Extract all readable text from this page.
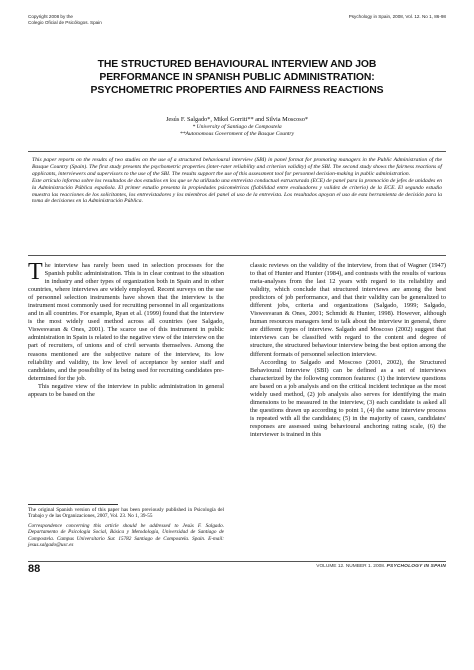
Copyright 2008 by the
Colegio Oficial de Psicólogos. Spain
Psychology in Spain, 2008, Vol. 12. No 1, 86-98
THE STRUCTURED BEHAVIOURAL INTERVIEW AND JOB
PERFORMANCE IN SPANISH PUBLIC ADMINISTRATION:
PSYCHOMETRIC PROPERTIES AND FAIRNESS REACTIONS
Jesús F. Salgado*, Mikel Gorriti** and Silvia Moscoso*
* University of Santiago de Compostela
**Autonomous Government of the Basque Country

This paper reports on the results of two studies on the use of a structured behavioural interview (SBI) in panel format for promoting managers in the Public Administration of the Basque Country (Spain). The first study presents the psychometric properties (inter-rater reliability and criterion validity) of the SBI. The second study shows the fairness reactions of applicants, interviewers and supervisors to the use of the SBI. The results support the use of this assessment tool for personnel decision-making in public administration.

Este artículo informa sobre los resultados de dos estudios en los que se ha utilizado una entrevista conductual estructurada (ECE) de panel para la promoción de jefes de unidades en la Administración Pública española. El primer estudio presenta la propiedades psicométricas (fiabilidad entre evaluadores y validez de criterio) de la ECE. El segundo estudio muestra las reacciones de los solicitantes, los entrevistadores y los miembros del panel al uso de la entrevista. Los resultados apoyan el uso de esta herramienta de decisión para la toma de decisiones en la Administración Pública.

The interview has rarely been used in selection processes for the Spanish public administration. This is in clear contrast to the situation in industry and other types of organization both in Spain and in other countries, where interviews are widely employed. Recent surveys on the use of personnel selection instruments have shown that the interview is the instrument most commonly used for recruiting personnel in all organizations and in all countries. For example, Ryan et al. (1999) found that the interview is the most widely used method across all countries (see Salgado, Viswesvaran & Ones, 2001). The scarce use of this instrument in public administration in Spain is related to the negative view of the interview on the part of recruiters, of unions and of civil servants themselves. Among the reasons mentioned are the subjective nature of the interview, its low reliability and validity, its low level of acceptance by senior staff and candidates, and the possibility of its being used for recruiting candidates pre-determined for the job.

This negative view of the interview in public administration in general appears to be based on the

classic reviews on the validity of the interview, from that of Wagner (1947) to that of Hunter and Hunter (1984), and contrasts with the results of various meta-analyses from the last 12 years with regard to its reliability and validity, which conclude that structured interviews are among the best predictors of job performance, and that their validity can be generalized to different jobs, criteria and organizations (Salgado, 1999; Salgado, Viswesvaran & Ones, 2001; Schmidt & Hunter, 1998). However, although human resources managers tend to talk about the interview in general, there are different types of interview. Salgado and Moscoso (2002) suggest that interviews can be classified with regard to the content and degree of structure, the structured behaviour interview being the best option among the different formats of personnel selection interview.

According to Salgado and Moscoso (2001, 2002), the Structured Behavioural Interview (SBI) can be defined as a set of interviews characterized by the following common features: (1) the interview questions are based on a job analysis and on the critical incident technique as the most widely used method, (2) job analysis also serves for identifying the main dimensions to be measured in the interview, (3) each candidate is asked all the questions drawn up according to point 1, (4) the same interview process is repeated with all the candidates; (5) in the majority of cases, candidates' responses are assessed using behavioural anchoring rating scale, (6) the interviewer is trained in this

The original Spanish version of this paper has been previously published in Psicología del Trabajo y de las Organizaciones, 2007, Vol. 23. No 1, 39-55

Correspondence concerning this article should be addressed to Jesús F. Salgado. Departamento de Psicología Social, Básica y Metodología, Universidad de Santiago de Compostela. Campus Universitario Sur. 15782 Santiago de Compostela. Spain. E-mail: jesus.salgado@usc.es

88	VOLUME 12. NUMBER 1. 2008. PSYCHOLOGY IN SPAIN
